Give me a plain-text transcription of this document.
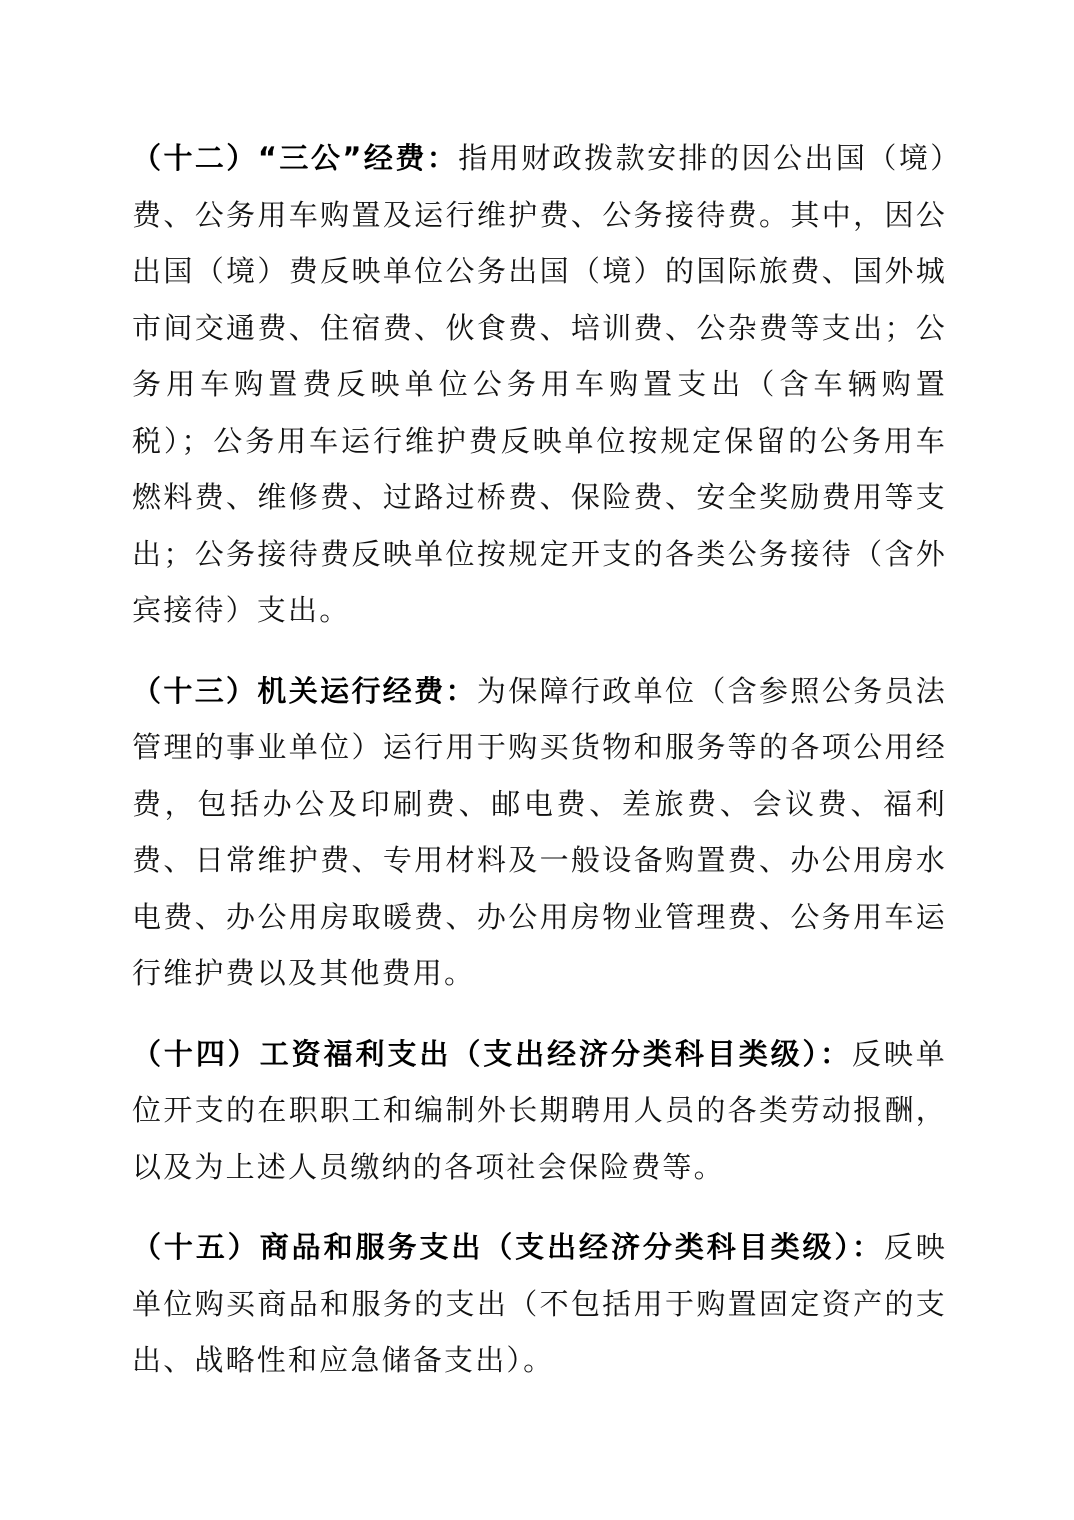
（十二）“三公”经费：指用财政拨款安排的因公出国（境）费、公务用车购置及运行维护费、公务接待费。其中，因公出国（境）费反映单位公务出国（境）的国际旅费、国外城市间交通费、住宿费、伙食费、培训费、公杂费等支出；公务用车购置费反映单位公务用车购置支出（含车辆购置税）；公务用车运行维护费反映单位按规定保留的公务用车燃料费、维修费、过路过桥费、保险费、安全奖励费用等支出；公务接待费反映单位按规定开支的各类公务接待（含外宾接待）支出。

（十三）机关运行经费：为保障行政单位（含参照公务员法管理的事业单位）运行用于购买货物和服务等的各项公用经费，包括办公及印刷费、邮电费、差旅费、会议费、福利费、日常维护费、专用材料及一般设备购置费、办公用房水电费、办公用房取暖费、办公用房物业管理费、公务用车运行维护费以及其他费用。

（十四）工资福利支出（支出经济分类科目类级）：反映单位开支的在职职工和编制外长期聘用人员的各类劳动报酬，以及为上述人员缴纳的各项社会保险费等。

（十五）商品和服务支出（支出经济分类科目类级）：反映单位购买商品和服务的支出（不包括用于购置固定资产的支出、战略性和应急储备支出）。
